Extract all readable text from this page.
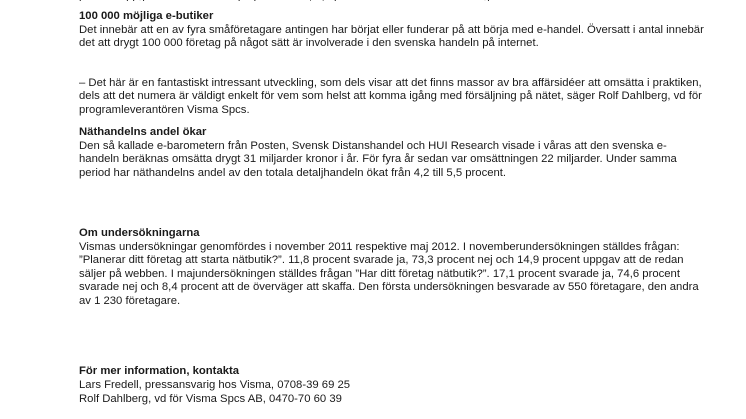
100 000 möjliga e-butiker

Det innebär att en av fyra småföretagare antingen har börjat eller funderar på att börja med e-handel. Översatt i antal innebär det att drygt 100 000 företag på något sätt är involverade i den svenska handeln på internet.

– Det här är en fantastiskt intressant utveckling, som dels visar att det finns massor av bra affärsidéer att omsätta i praktiken, dels att det numera är väldigt enkelt för vem som helst att komma igång med försäljning på nätet, säger Rolf Dahlberg, vd för programleverantören Visma Spcs.

Näthandelns andel ökar

Den så kallade e-barometern från Posten, Svensk Distanshandel och HUI Research visade i våras att den svenska e-handeln beräknas omsätta drygt 31 miljarder kronor i år. För fyra år sedan var omsättningen 22 miljarder. Under samma period har näthandelns andel av den totala detaljhandeln ökat från 4,2 till 5,5 procent.

Om undersökningarna

Vismas undersökningar genomfördes i november 2011 respektive maj 2012. I novemberundersökningen ställdes frågan: ”Planerar ditt företag att starta nätbutik?”. 11,8 procent svarade ja, 73,3 procent nej och 14,9 procent uppgav att de redan säljer på webben. I majundersökningen ställdes frågan ”Har ditt företag nätbutik?”. 17,1 procent svarade ja, 74,6 procent svarade nej och 8,4 procent att de överväger att skaffa. Den första undersökningen besvarade av 550 företagare, den andra av 1 230 företagare.

För mer information, kontakta

Lars Fredell, pressansvarig hos Visma, 0708-39 69 25

Rolf Dahlberg, vd för Visma Spcs AB, 0470-70 60 39
